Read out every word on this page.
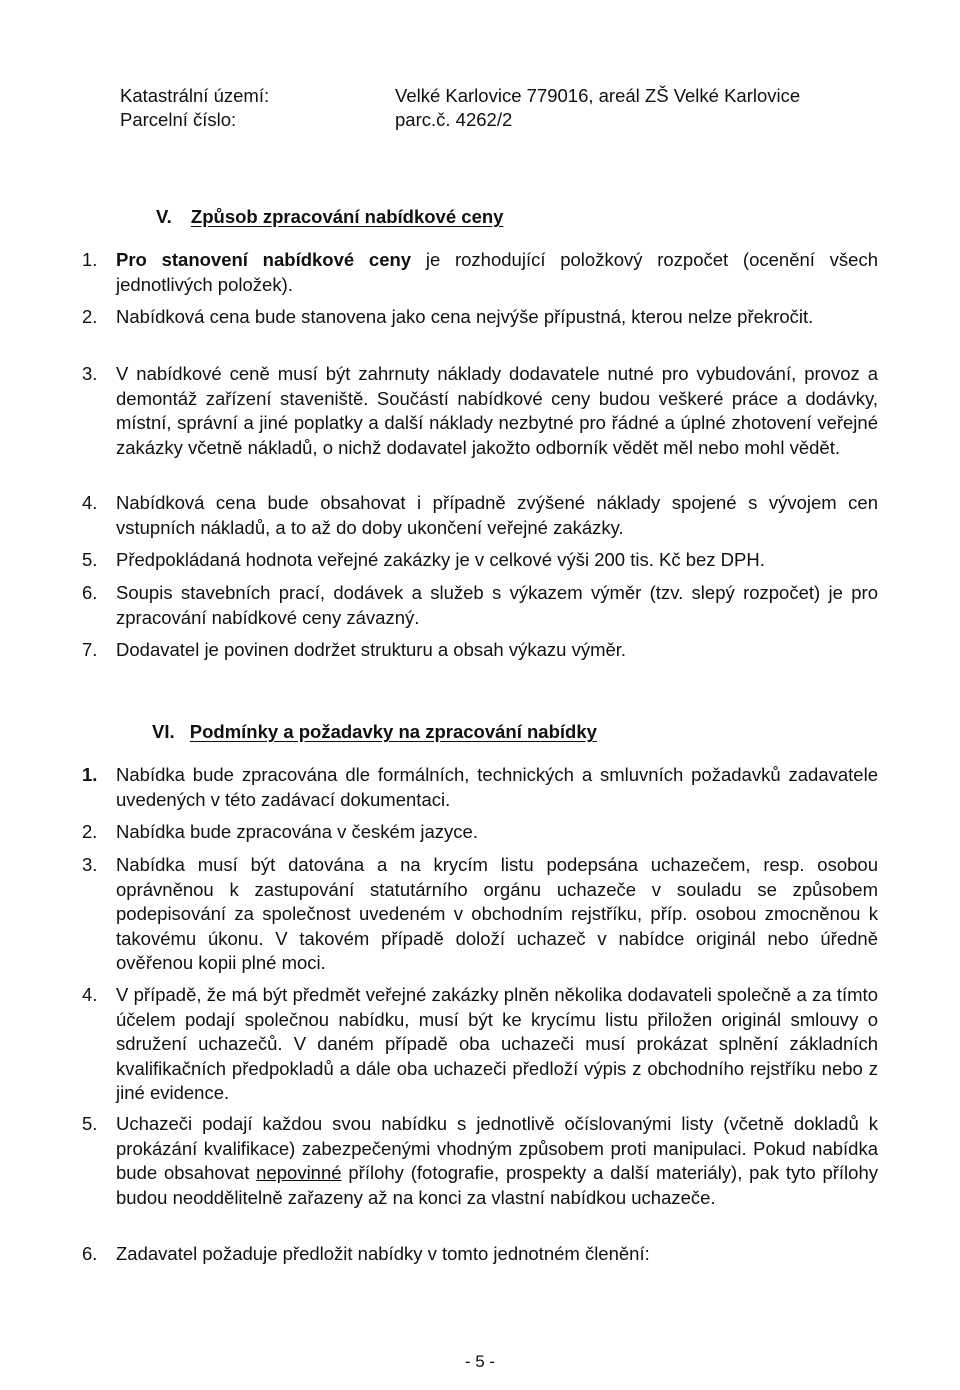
Katastrální území:	Velké Karlovice 779016, areál ZŠ Velké Karlovice
Parcelní číslo:	parc.č. 4262/2
V. Způsob zpracování nabídkové ceny
1. Pro stanovení nabídkové ceny je rozhodující položkový rozpočet (ocenění všech jednotlivých položek).
2. Nabídková cena bude stanovena jako cena nejvýše přípustná, kterou nelze překročit.
3. V nabídkové ceně musí být zahrnuty náklady dodavatele nutné pro vybudování, provoz a demontáž zařízení staveniště. Součástí nabídkové ceny budou veškeré práce a dodávky, místní, správní a jiné poplatky a další náklady nezbytné pro řádné a úplné zhotovení veřejné zakázky včetně nákladů, o nichž dodavatel jakožto odborník vědět měl nebo mohl vědět.
4. Nabídková cena bude obsahovat i případně zvýšené náklady spojené s vývojem cen vstupních nákladů, a to až do doby ukončení veřejné zakázky.
5. Předpokládaná hodnota veřejné zakázky je v celkové výši 200 tis. Kč bez DPH.
6. Soupis stavebních prací, dodávek a služeb s výkazem výměr (tzv. slepý rozpočet) je pro zpracování nabídkové ceny závazný.
7. Dodavatel je povinen dodržet strukturu a obsah výkazu výměr.
VI. Podmínky a požadavky na zpracování nabídky
1. Nabídka bude zpracována dle formálních, technických a smluvních požadavků zadavatele uvedených v této zadávací dokumentaci.
2. Nabídka bude zpracována v českém jazyce.
3. Nabídka musí být datována a na krycím listu podepsána uchazečem, resp. osobou oprávněnou k zastupování statutárního orgánu uchazeče v souladu se způsobem podepisování za společnost uvedeném v obchodním rejstříku, příp. osobou zmocněnou k takovému úkonu. V takovém případě doloží uchazeč v nabídce originál nebo úředně ověřenou kopii plné moci.
4. V případě, že má být předmět veřejné zakázky plněn několika dodavateli společně a za tímto účelem podají společnou nabídku, musí být ke krycímu listu přiložen originál smlouvy o sdružení uchazečů. V daném případě oba uchazeči musí prokázat splnění základních kvalifikačních předpokladů a dále oba uchazeči předloží výpis z obchodního rejstříku nebo z jiné evidence.
5. Uchazeči podají každou svou nabídku s jednotlivě očíslovanými listy (včetně dokladů k prokázání kvalifikace) zabezpečenými vhodným způsobem proti manipulaci. Pokud nabídka bude obsahovat nepovinné přílohy (fotografie, prospekty a další materiály), pak tyto přílohy budou neoddělitelně zařazeny až na konci za vlastní nabídkou uchazeče.
6. Zadavatel požaduje předložit nabídky v tomto jednotném členění:
- 5 -
